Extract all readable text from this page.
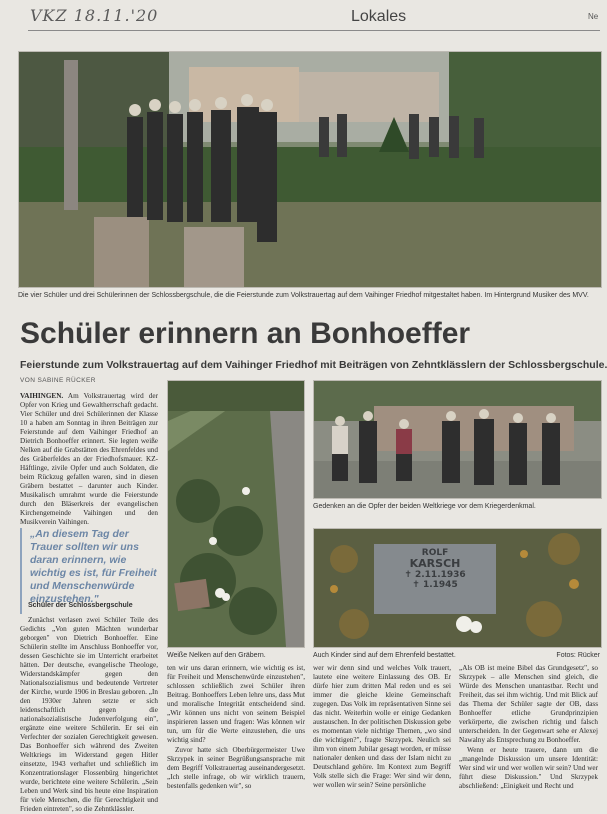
VKZ 18.11.'20	Lokales	Ne
Die vier Schüler und drei Schülerinnen der Schlossbergschule, die die Feierstunde zum Volkstrauertag auf dem Vaihinger Friedhof mitgestaltet haben. Im Hintergrund Musiker des MVV.
Schüler erinnern an Bonhoeffer
Feierstunde zum Volkstrauertag auf dem Vaihinger Friedhof mit Beiträgen von Zehntklässlern der Schlossbergschule.
VON SABINE RÜCKER

VAIHINGEN. Am Volkstrauertag wird der Opfer von Krieg und Gewaltherrschaft gedacht. Vier Schüler und drei Schülerinnen der Klasse 10 a haben am Sonntag in ihren Beiträgen zur Feierstunde auf dem Vaihinger Friedhof an Dietrich Bonhoeffer erinnert. Sie legten weiße Nelken auf die Grabstätten des Ehrenfeldes und des Gräberfeldes an der Friedhofsmauer. KZ-Häftlinge, zivile Opfer und auch Soldaten, die beim Rückzug gefallen waren, sind in diesen Gräbern bestattet – darunter auch Kinder. Musikalisch umrahmt wurde die Feierstunde durch den Bläserkreis der evangelischen Kirchengemeinde Vaihingen und den Musikverein Vaihingen.

„An diesem Tag der Trauer sollten wir uns daran erinnern, wie wichtig es ist, für Freiheit und Menschenwürde einzustehen."
Schüler der Schlossbergschule

Zunächst verlasen zwei Schüler Teile des Gedichts „Von guten Mächten wunderbar geborgen" von Dietrich Bonhoeffer. Eine Schülerin stellte im Anschluss Bonhoeffer vor, dessen Geschichte sie im Unterricht erarbeitet hätten. Der deutsche, evangelische Theologe, Widerstandskämpfer gegen den Nationalsozialismus und bedeutende Vertreter der Kirche, wurde 1906 in Breslau geboren. „In den 1930er Jahren setzte er sich leidenschaftlich gegen die nationalsozialistische Judenverfolgung ein", ergänzte eine weitere Schülerin. Er sei ein Verfechter der sozialen Gerechtigkeit gewesen. Das Bonhoeffer sich während des Zweiten Weltkriegs im Widerstand gegen Hitler einsetzte, 1943 verhaftet und schließlich im Konzentrationslager Flossenbürg hingerichtet wurde, berichtete eine weitere Schülerin. „Sein Leben und Werk sind bis heute eine Inspiration für viele Menschen, die für Gerechtigkeit und Frieden eintreten", so die Zehntklässler.

Weiße Nelken auf den Gräbern.
Gedenken an die Opfer der beiden Weltkriege vor dem Kriegerdenkmal.
ROLF
KARSCH
✝ 2.11.1936
✝ 1.1945
Auch Kinder sind auf dem Ehrenfeld bestattet.	Fotos: Rücker

ten wir uns daran erinnern, wie wichtig es ist, für Freiheit und Menschenwürde einzustehen", schlossen schließlich zwei Schüler ihren Beitrag. Bonhoeffers Leben lehre uns, dass Mut und moralische Integrität entscheidend sind. „Wir können uns nicht von seinem Beispiel inspirieren lassen und fragen: Was können wir tun, um für die Werte einzustehen, die uns wichtig sind?

Zuvor hatte sich Oberbürgermeister Uwe Skrzypek in seiner Begrüßungsansprache mit dem Begriff Volkstrauertag auseinandergesetzt. „Ich stelle infrage, ob wir wirklich trauern, bestenfalls gedenken wir", so

wer wir denn sind und welches Volk trauert, lautete eine weitere Einlassung des OB. Er dürfe hier zum dritten Mal reden und es sei immer die gleiche kleine Gemeinschaft zugegen. Das Volk im repräsentativen Sinne sei das nicht. Weiterhin wolle er einige Gedanken austauschen. In der politischen Diskussion gebe es momentan viele nichtige Themen, „wo sind die wichtigen?", fragte Skrzypek. Neulich sei ihm von einem Jubilar gesagt worden, er müsse nationaler denken und dass der Islam nicht zu Deutschland gehöre. Im Kontext zum Begriff Volk stelle sich die Frage: Wer sind wir denn, wer wollen wir sein? Seine persönliche

„Als OB ist meine Bibel das Grundgesetz", so Skrzypek – alle Menschen sind gleich, die Würde des Menschen unantastbar. Recht und Freiheit, das sei ihm wichtig. Und mit Blick auf das Thema der Schüler sagte der OB, dass Bonhoeffer etliche Grundprinzipien verkörperte, die zwischen richtig und falsch unterscheiden. In der Gegenwart sehe er Alexej Nawalny als Entsprechung zu Bonhoeffer.

Wenn er heute trauere, dann um die „mangelnde Diskussion um unsere Identität: Wer sind wir und wer wollen wir sein? Und wer führt diese Diskussion." Und Skrzypek abschließend: „Einigkeit und Recht und
